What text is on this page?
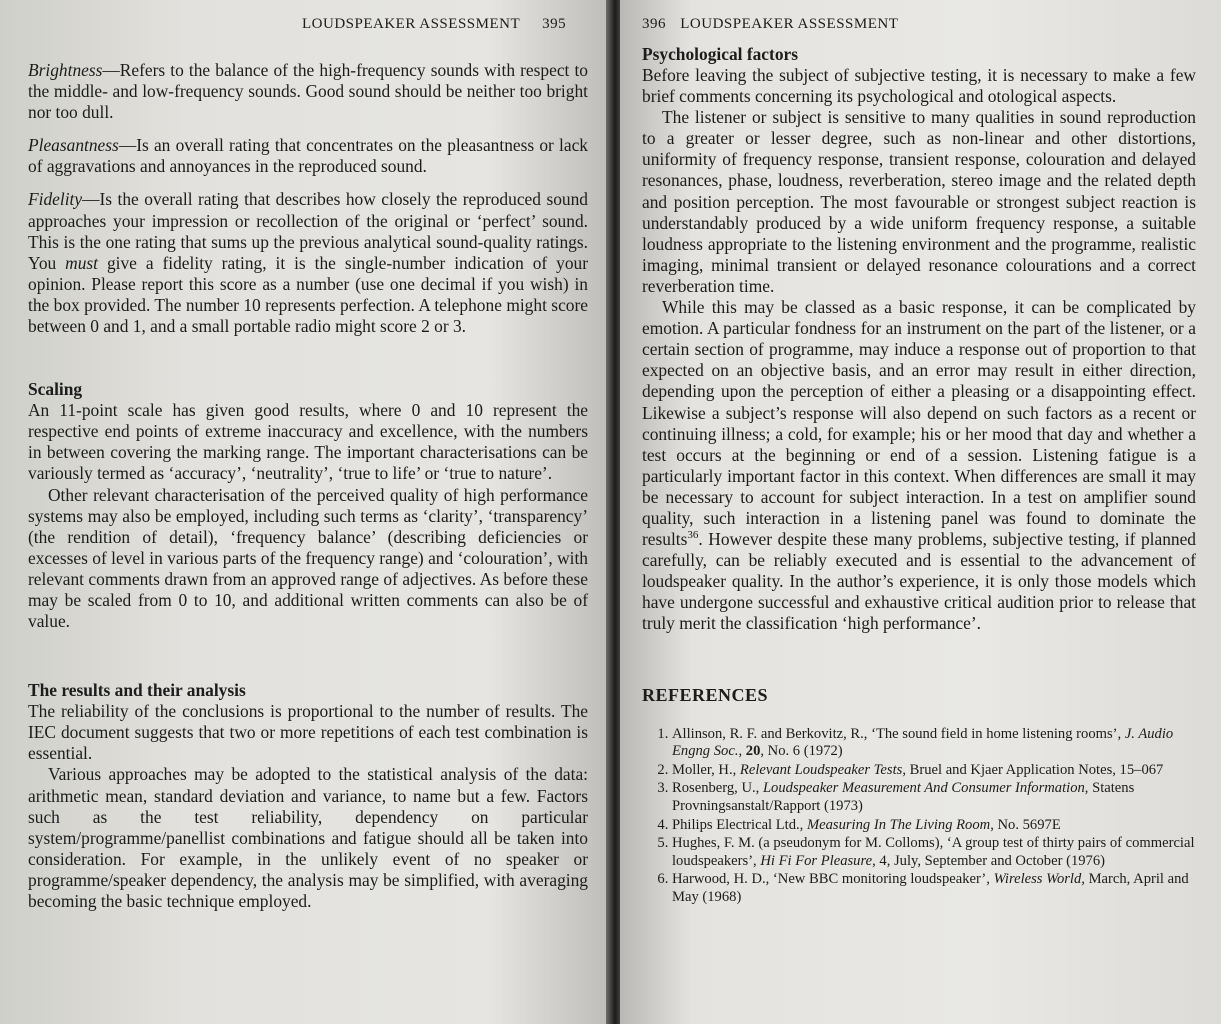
LOUDSPEAKER ASSESSMENT 395

Brightness—Refers to the balance of the high-frequency sounds with respect to the middle- and low-frequency sounds. Good sound should be neither too bright nor too dull.

Pleasantness—Is an overall rating that concentrates on the pleasantness or lack of aggravations and annoyances in the reproduced sound.

Fidelity—Is the overall rating that describes how closely the reproduced sound approaches your impression or recollection of the original or ‘perfect’ sound. This is the one rating that sums up the previous analytical sound-quality ratings. You must give a fidelity rating, it is the single-number indication of your opinion. Please report this score as a number (use one decimal if you wish) in the box provided. The number 10 represents perfection. A telephone might score between 0 and 1, and a small portable radio might score 2 or 3.

Scaling

An 11-point scale has given good results, where 0 and 10 represent the respective end points of extreme inaccuracy and excellence, with the numbers in between covering the marking range. The important characterisations can be variously termed as ‘accuracy’, ‘neutrality’, ‘true to life’ or ‘true to nature’.

Other relevant characterisation of the perceived quality of high performance systems may also be employed, including such terms as ‘clarity’, ‘transparency’ (the rendition of detail), ‘frequency balance’ (describing deficiencies or excesses of level in various parts of the frequency range) and ‘colouration’, with relevant comments drawn from an approved range of adjectives. As before these may be scaled from 0 to 10, and additional written comments can also be of value.

The results and their analysis

The reliability of the conclusions is proportional to the number of results. The IEC document suggests that two or more repetitions of each test combination is essential.

Various approaches may be adopted to the statistical analysis of the data: arithmetic mean, standard deviation and variance, to name but a few. Factors such as the test reliability, dependency on particular system/programme/panellist combinations and fatigue should all be taken into consideration. For example, in the unlikely event of no speaker or programme/speaker dependency, the analysis may be simplified, with averaging becoming the basic technique employed.

396 LOUDSPEAKER ASSESSMENT
Psychological factors

Before leaving the subject of subjective testing, it is necessary to make a few brief comments concerning its psychological and otological aspects.

The listener or subject is sensitive to many qualities in sound reproduction to a greater or lesser degree, such as non-linear and other distortions, uniformity of frequency response, transient response, colouration and delayed resonances, phase, loudness, reverberation, stereo image and the related depth and position perception. The most favourable or strongest subject reaction is understandably produced by a wide uniform frequency response, a suitable loudness appropriate to the listening environment and the programme, realistic imaging, minimal transient or delayed resonance colourations and a correct reverberation time.

While this may be classed as a basic response, it can be complicated by emotion. A particular fondness for an instrument on the part of the listener, or a certain section of programme, may induce a response out of proportion to that expected on an objective basis, and an error may result in either direction, depending upon the perception of either a pleasing or a disappointing effect. Likewise a subject’s response will also depend on such factors as a recent or continuing illness; a cold, for example; his or her mood that day and whether a test occurs at the beginning or end of a session. Listening fatigue is a particularly important factor in this context. When differences are small it may be necessary to account for subject interaction. In a test on amplifier sound quality, such interaction in a listening panel was found to dominate the results$^{36}$. However despite these many problems, subjective testing, if planned carefully, can be reliably executed and is essential to the advancement of loudspeaker quality. In the author’s experience, it is only those models which have undergone successful and exhaustive critical audition prior to release that truly merit the classification ‘high performance’.

REFERENCES
1. Allinson, R. F. and Berkovitz, R., ‘The sound field in home listening rooms’, J. Audio Engng Soc., 20, No. 6 (1972)
2. Moller, H., Relevant Loudspeaker Tests, Bruel and Kjaer Application Notes, 15–067
3. Rosenberg, U., Loudspeaker Measurement And Consumer Information, Statens Provningsanstalt/Rapport (1973)
4. Philips Electrical Ltd., Measuring In The Living Room, No. 5697E
5. Hughes, F. M. (a pseudonym for M. Colloms), ‘A group test of thirty pairs of commercial loudspeakers’, Hi Fi For Pleasure, 4, July, September and October (1976)
6. Harwood, H. D., ‘New BBC monitoring loudspeaker’, Wireless World, March, April and May (1968)
